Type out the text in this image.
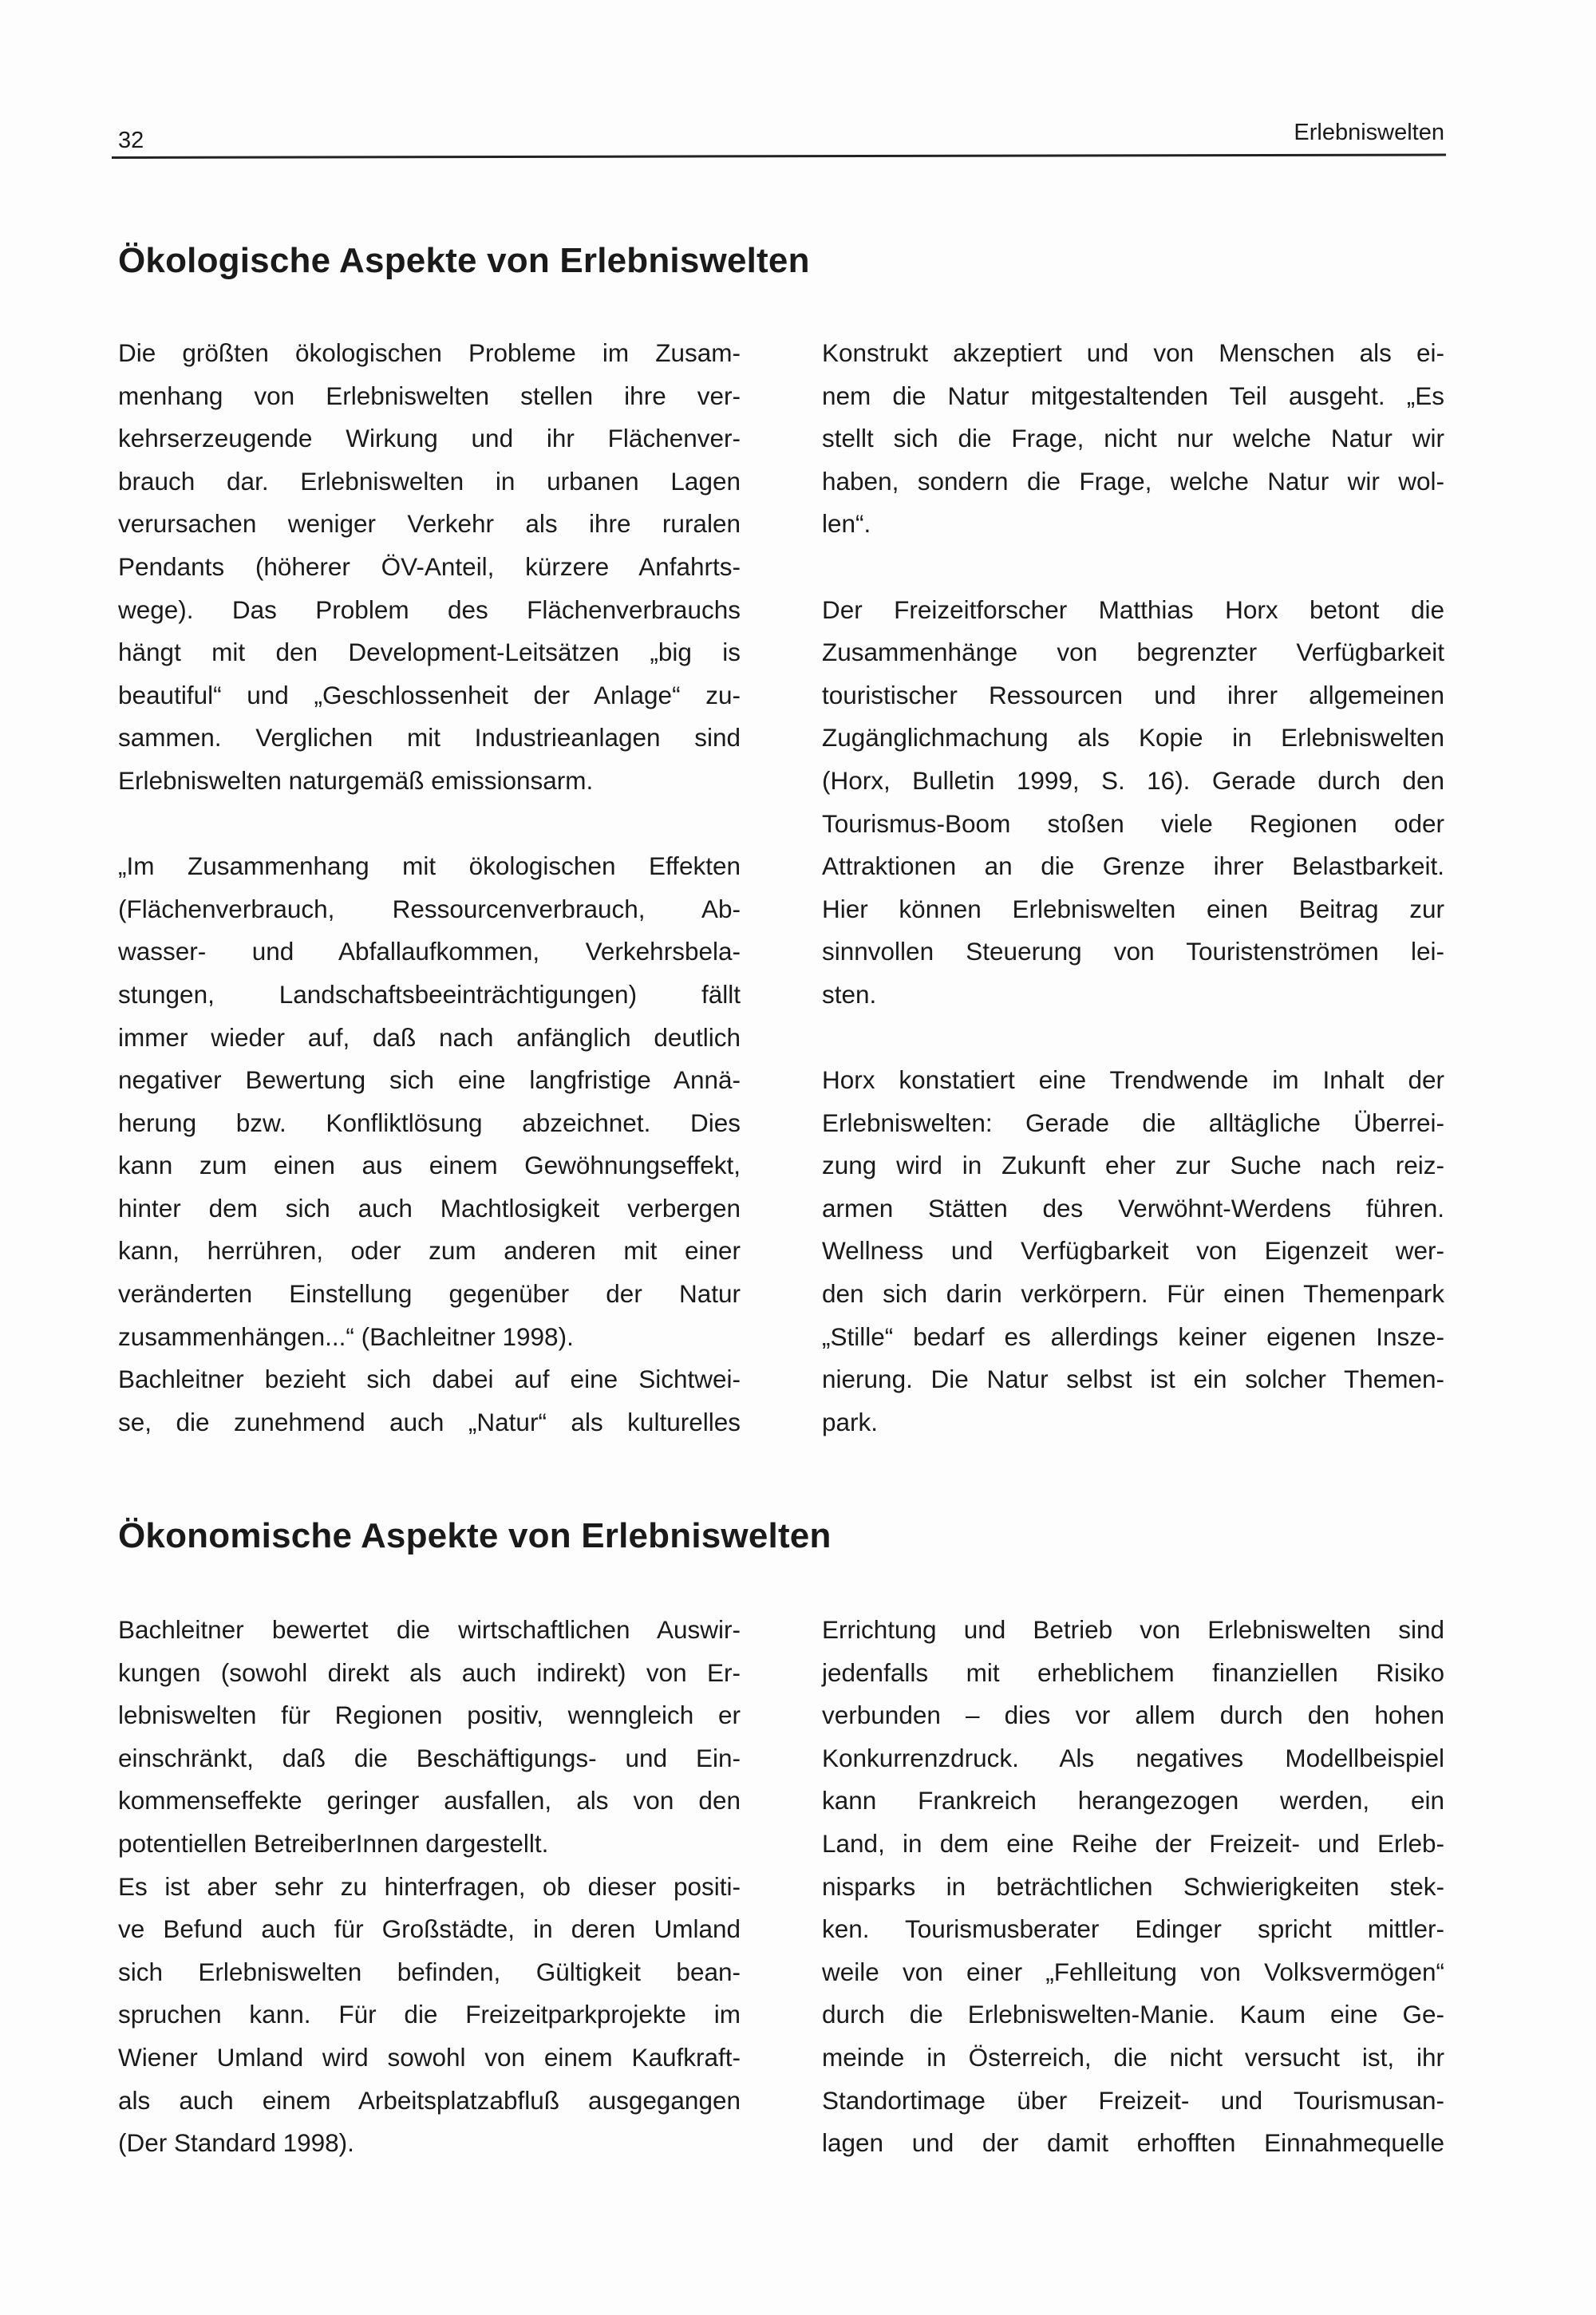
32	Erlebniswelten
Ökologische Aspekte von Erlebniswelten

Die größten ökologischen Probleme im Zusam-
menhang von Erlebniswelten stellen ihre ver-
kehrserzeugende Wirkung und ihr Flächenver-
brauch dar. Erlebniswelten in urbanen Lagen
verursachen weniger Verkehr als ihre ruralen
Pendants (höherer ÖV-Anteil, kürzere Anfahrts-
wege). Das Problem des Flächenverbrauchs
hängt mit den Development-Leitsätzen „big is
beautiful“ und „Geschlossenheit der Anlage“ zu-
sammen. Verglichen mit Industrieanlagen sind
Erlebniswelten naturgemäß emissionsarm.

„Im Zusammenhang mit ökologischen Effekten
(Flächenverbrauch, Ressourcenverbrauch, Ab-
wasser- und Abfallaufkommen, Verkehrsbela-
stungen, Landschaftsbeeinträchtigungen) fällt
immer wieder auf, daß nach anfänglich deutlich
negativer Bewertung sich eine langfristige Annä-
herung bzw. Konfliktlösung abzeichnet. Dies
kann zum einen aus einem Gewöhnungseffekt,
hinter dem sich auch Machtlosigkeit verbergen
kann, herrühren, oder zum anderen mit einer
veränderten Einstellung gegenüber der Natur
zusammenhängen...“ (Bachleitner 1998).

Bachleitner bezieht sich dabei auf eine Sichtwei-
se, die zunehmend auch „Natur“ als kulturelles

Konstrukt akzeptiert und von Menschen als ei-
nem die Natur mitgestaltenden Teil ausgeht. „Es
stellt sich die Frage, nicht nur welche Natur wir
haben, sondern die Frage, welche Natur wir wol-
len“.

Der Freizeitforscher Matthias Horx betont die
Zusammenhänge von begrenzter Verfügbarkeit
touristischer Ressourcen und ihrer allgemeinen
Zugänglichmachung als Kopie in Erlebniswelten
(Horx, Bulletin 1999, S. 16). Gerade durch den
Tourismus-Boom stoßen viele Regionen oder
Attraktionen an die Grenze ihrer Belastbarkeit.
Hier können Erlebniswelten einen Beitrag zur
sinnvollen Steuerung von Touristenströmen lei-
sten.

Horx konstatiert eine Trendwende im Inhalt der
Erlebniswelten: Gerade die alltägliche Überrei-
zung wird in Zukunft eher zur Suche nach reiz-
armen Stätten des Verwöhnt-Werdens führen.
Wellness und Verfügbarkeit von Eigenzeit wer-
den sich darin verkörpern. Für einen Themenpark
„Stille“ bedarf es allerdings keiner eigenen Insze-
nierung. Die Natur selbst ist ein solcher Themen-
park.

Ökonomische Aspekte von Erlebniswelten

Bachleitner bewertet die wirtschaftlichen Auswir-
kungen (sowohl direkt als auch indirekt) von Er-
lebniswelten für Regionen positiv, wenngleich er
einschränkt, daß die Beschäftigungs- und Ein-
kommenseffekte geringer ausfallen, als von den
potentiellen BetreiberInnen dargestellt.

Es ist aber sehr zu hinterfragen, ob dieser positi-
ve Befund auch für Großstädte, in deren Umland
sich Erlebniswelten befinden, Gültigkeit bean-
spruchen kann. Für die Freizeitparkprojekte im
Wiener Umland wird sowohl von einem Kaufkraft-
als auch einem Arbeitsplatzabfluß ausgegangen
(Der Standard 1998).

Errichtung und Betrieb von Erlebniswelten sind
jedenfalls mit erheblichem finanziellen Risiko
verbunden – dies vor allem durch den hohen
Konkurrenzdruck. Als negatives Modellbeispiel
kann Frankreich herangezogen werden, ein
Land, in dem eine Reihe der Freizeit- und Erleb-
nisparks in beträchtlichen Schwierigkeiten stek-
ken. Tourismusberater Edinger spricht mittler-
weile von einer „Fehlleitung von Volksvermögen“
durch die Erlebniswelten-Manie. Kaum eine Ge-
meinde in Österreich, die nicht versucht ist, ihr
Standortimage über Freizeit- und Tourismusan-
lagen und der damit erhofften Einnahmequelle
